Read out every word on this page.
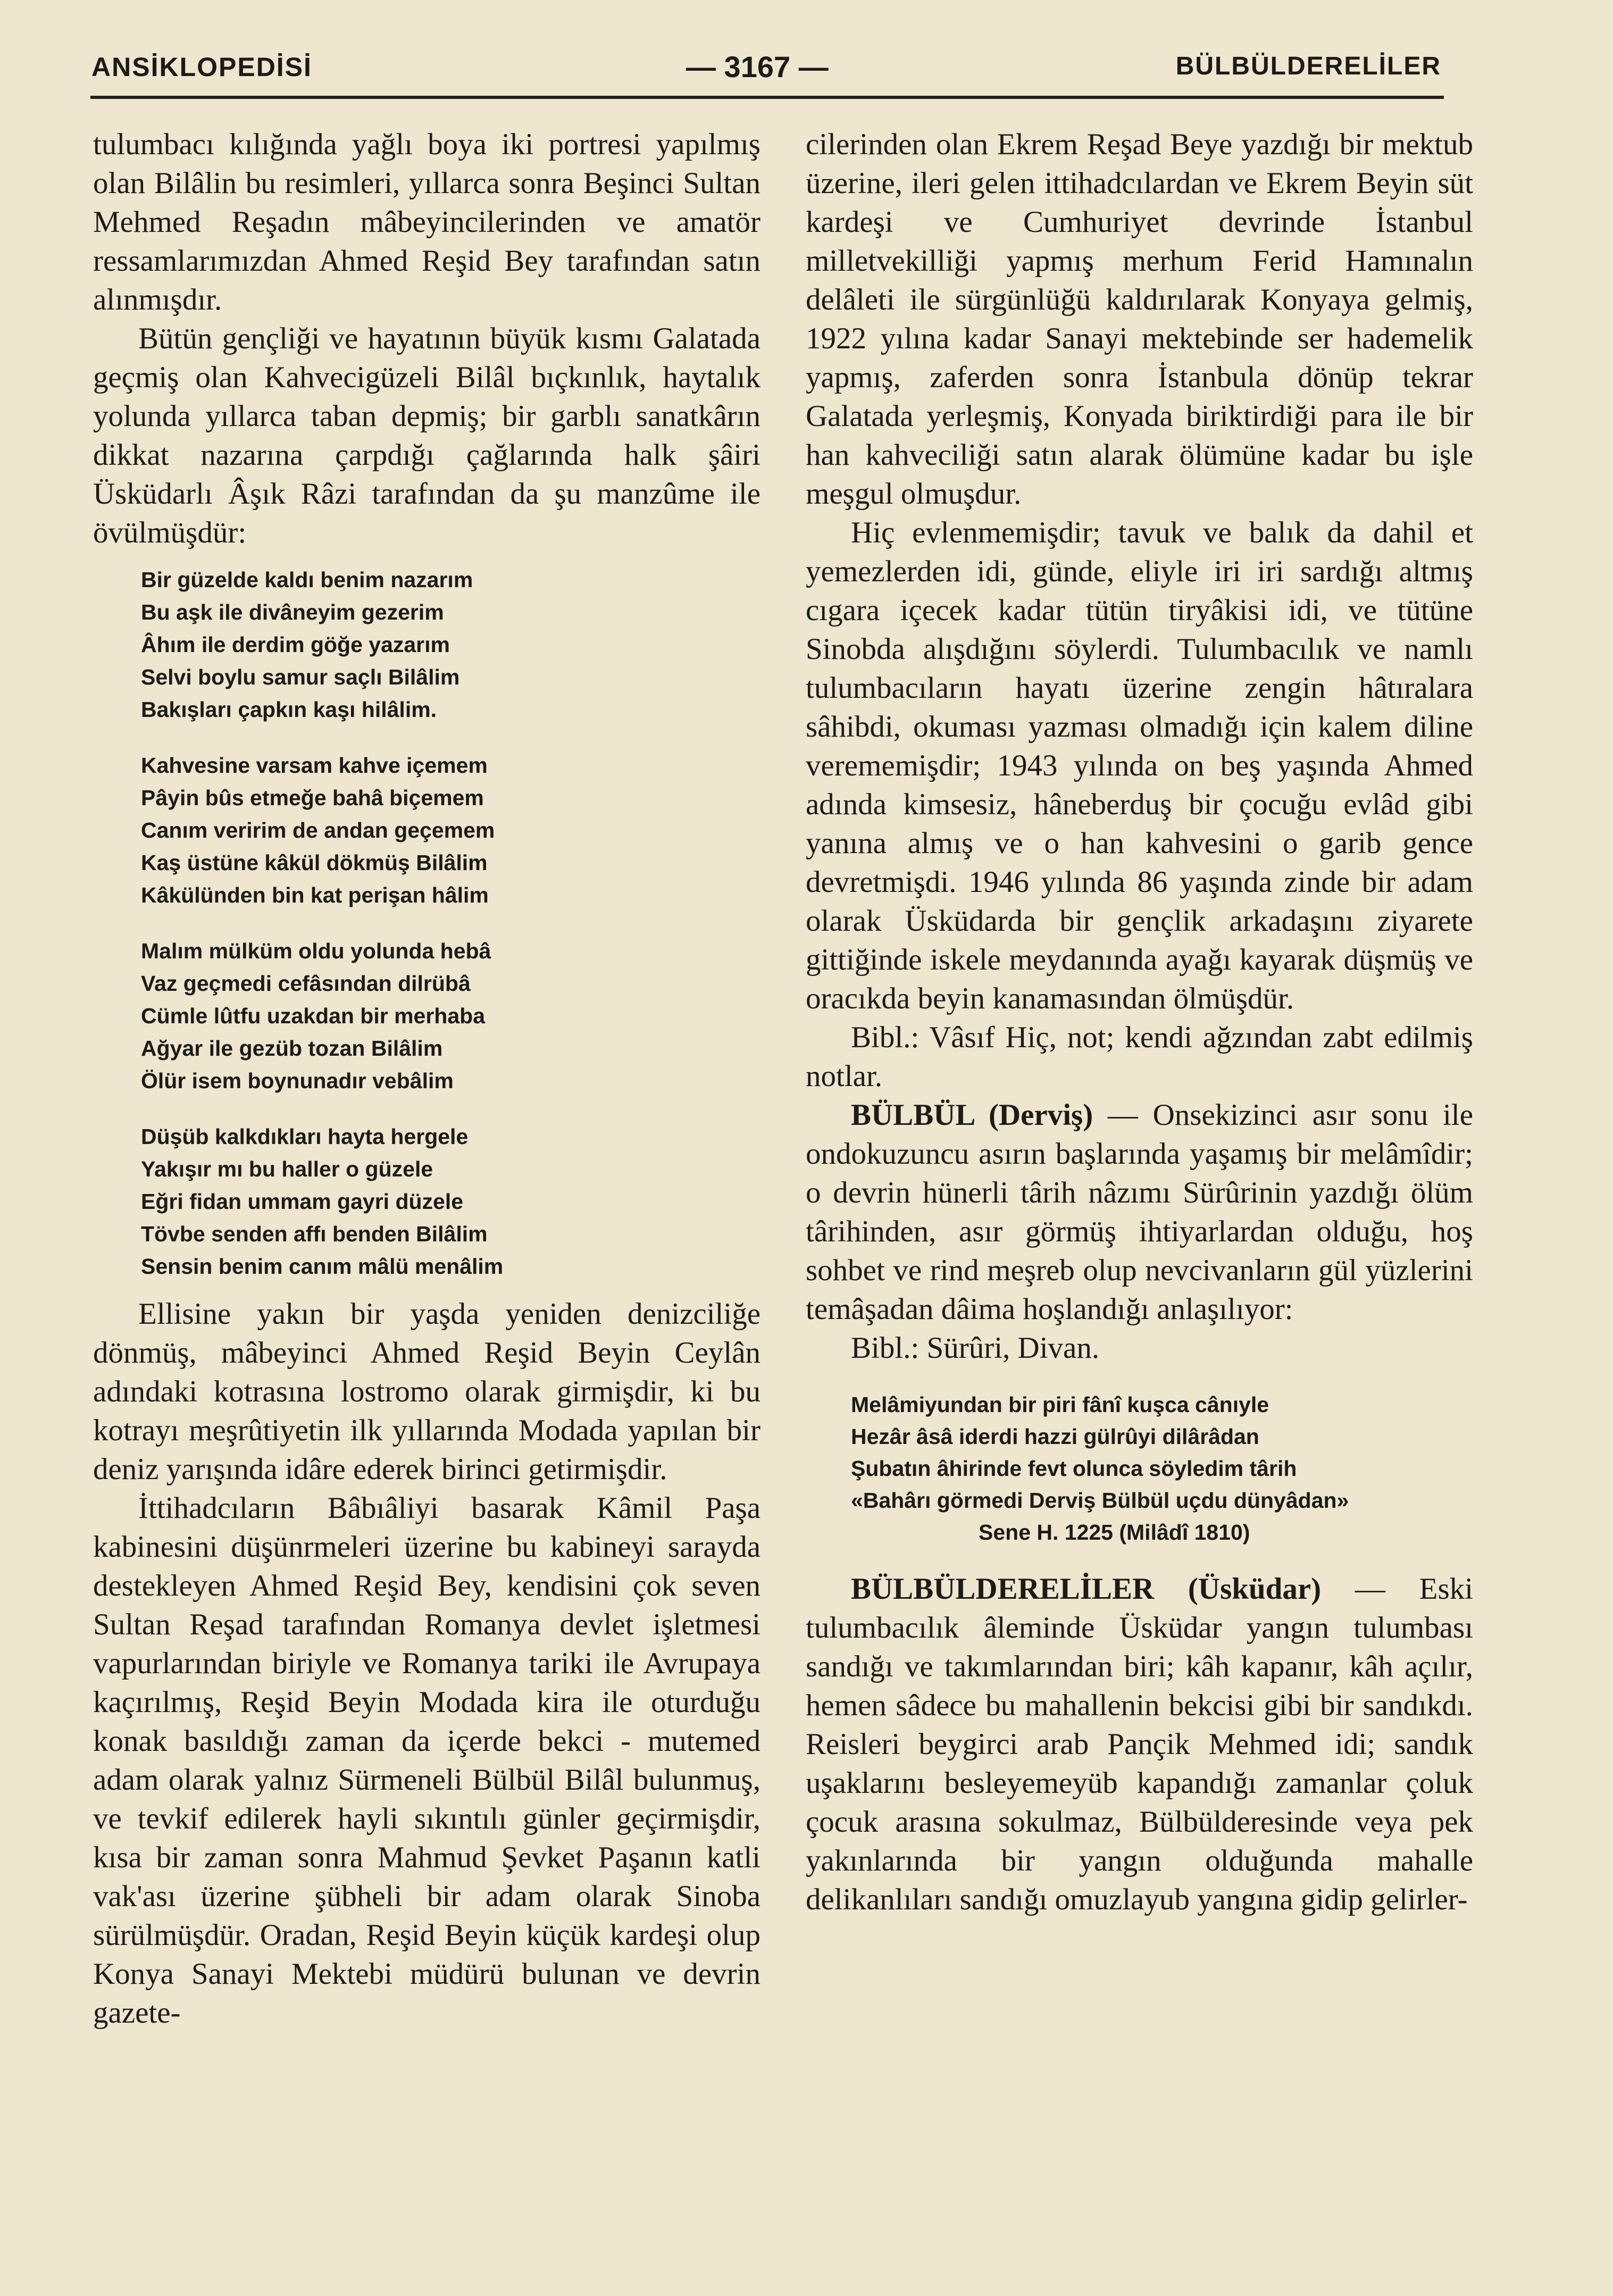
ANSİKLOPEDİSİ	— 3167 —	BÜLBÜLDERELİLER

tulumbacı kılığında yağlı boya iki portresi yapılmış olan Bilâlin bu resimleri, yıllarca sonra Beşinci Sultan Mehmed Reşadın mâbeyincilerinden ve amatör ressamlarımızdan Ahmed Reşid Bey tarafından satın alınmışdır.

Bütün gençliği ve hayatının büyük kısmı Galatada geçmiş olan Kahvecigüzeli Bilâl bıçkınlık, haytalık yolunda yıllarca taban depmiş; bir garblı sanatkârın dikkat nazarına çarpdığı çağlarında halk şâiri Üsküdarlı Âşık Râzi tarafından da şu manzûme ile övülmüşdür:

Bir güzelde kaldı benim nazarım
Bu aşk ile divâneyim gezerim
Âhım ile derdim göğe yazarım
Selvi boylu samur saçlı Bilâlim
Bakışları çapkın kaşı hilâlim.
Kahvesine varsam kahve içemem
Pâyin bûs etmeğe bahâ biçemem
Canım veririm de andan geçemem
Kaş üstüne kâkül dökmüş Bilâlim
Kâkülünden bin kat perişan hâlim
Malım mülküm oldu yolunda hebâ
Vaz geçmedi cefâsından dilrübâ
Cümle lûtfu uzakdan bir merhaba
Ağyar ile gezüb tozan Bilâlim
Ölür isem boynunadır vebâlim
Düşüb kalkdıkları hayta hergele
Yakışır mı bu haller o güzele
Eğri fidan ummam gayri düzele
Tövbe senden affı benden Bilâlim
Sensin benim canım mâlü menâlim

Ellisine yakın bir yaşda yeniden denizciliğe dönmüş, mâbeyinci Ahmed Reşid Beyin Ceylân adındaki kotrasına lostromo olarak girmişdir, ki bu kotrayı meşrûtiyetin ilk yıllarında Modada yapılan bir deniz yarışında idâre ederek birinci getirmişdir.

İttihadcıların Bâbıâliyi basarak Kâmil Paşa kabinesini düşünrmeleri üzerine bu kabineyi sarayda destekleyen Ahmed Reşid Bey, kendisini çok seven Sultan Reşad tarafından Romanya devlet işletmesi vapurlarından biriyle ve Romanya tariki ile Avrupaya kaçırılmış, Reşid Beyin Modada kira ile oturduğu konak basıldığı zaman da içerde bekci - mutemed adam olarak yalnız Sürmeneli Bülbül Bilâl bulunmuş, ve tevkif edilerek hayli sıkıntılı günler geçirmişdir, kısa bir zaman sonra Mahmud Şevket Paşanın katli vak'ası üzerine şübheli bir adam olarak Sinoba sürülmüşdür. Oradan, Reşid Beyin küçük kardeşi olup Konya Sanayi Mektebi müdürü bulunan ve devrin gazete-

cilerinden olan Ekrem Reşad Beye yazdığı bir mektub üzerine, ileri gelen ittihadcılardan ve Ekrem Beyin süt kardeşi ve Cumhuriyet devrinde İstanbul milletvekilliği yapmış merhum Ferid Hamınalın delâleti ile sürgünlüğü kaldırılarak Konyaya gelmiş, 1922 yılına kadar Sanayi mektebinde ser hademelik yapmış, zaferden sonra İstanbula dönüp tekrar Galatada yerleşmiş, Konyada biriktirdiği para ile bir han kahveciliği satın alarak ölümüne kadar bu işle meşgul olmuşdur.

Hiç evlenmemişdir; tavuk ve balık da dahil et yemezlerden idi, günde, eliyle iri iri sardığı altmış cıgara içecek kadar tütün tiryâkisi idi, ve tütüne Sinobda alışdığını söylerdi. Tulumbacılık ve namlı tulumbacıların hayatı üzerine zengin hâtıralara sâhibdi, okuması yazması olmadığı için kalem diline verememişdir; 1943 yılında on beş yaşında Ahmed adında kimsesiz, hâneberduş bir çocuğu evlâd gibi yanına almış ve o han kahvesini o garib gence devretmişdi. 1946 yılında 86 yaşında zinde bir adam olarak Üsküdarda bir gençlik arkadaşını ziyarete gittiğinde iskele meydanında ayağı kayarak düşmüş ve oracıkda beyin kanamasından ölmüşdür.

Bibl.: Vâsıf Hiç, not; kendi ağzından zabt edilmiş notlar.

BÜLBÜL (Derviş) — Onsekizinci asır sonu ile ondokuzuncu asırın başlarında yaşamış bir melâmîdir; o devrin hünerli târih nâzımı Sürûrinin yazdığı ölüm târihinden, asır görmüş ihtiyarlardan olduğu, hoş sohbet ve rind meşreb olup nevcivanların gül yüzlerini temâşadan dâima hoşlandığı anlaşılıyor:

Bibl.: Sürûri, Divan.

Melâmiyundan bir piri fânî kuşca cânıyle
Hezâr âsâ iderdi hazzi gülrûyi dilârâdan
Şubatın âhirinde fevt olunca söyledim târih
«Bahârı görmedi Derviş Bülbül uçdu dünyâdan»
Sene H. 1225 (Milâdî 1810)

BÜLBÜLDERELİLER (Üsküdar) — Eski tulumbacılık âleminde Üsküdar yangın tulumbası sandığı ve takımlarından biri; kâh kapanır, kâh açılır, hemen sâdece bu mahallenin bekcisi gibi bir sandıkdı. Reisleri beygirci arab Pançik Mehmed idi; sandık uşaklarını besleyemeyüb kapandığı zamanlar çoluk çocuk arasına sokulmaz, Bülbülderesinde veya pek yakınlarında bir yangın olduğunda mahalle delikanlıları sandığı omuzlayub yangına gidip gelirler-
